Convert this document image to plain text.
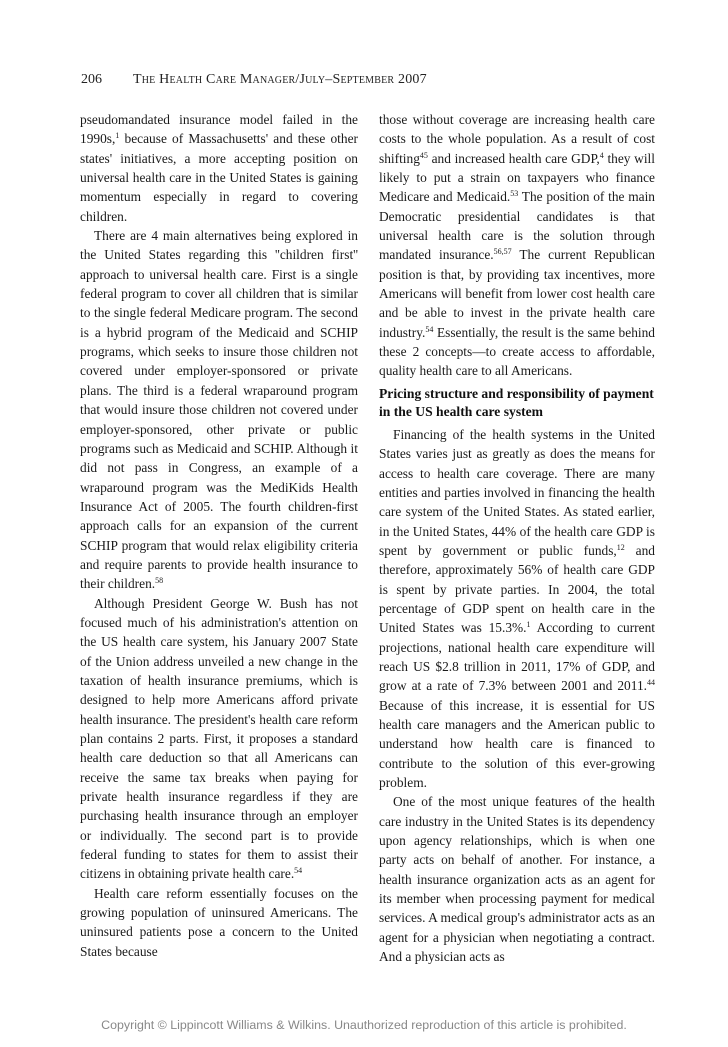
206 The Health Care Manager/July–September 2007

pseudomandated insurance model failed in the 1990s,$^1$ because of Massachusetts' and these other states' initiatives, a more accepting position on universal health care in the United States is gaining momentum especially in regard to covering children.

There are 4 main alternatives being explored in the United States regarding this ''children first'' approach to universal health care. First is a single federal program to cover all children that is similar to the single federal Medicare program. The second is a hybrid program of the Medicaid and SCHIP programs, which seeks to insure those children not covered under employer-sponsored or private plans. The third is a federal wraparound program that would insure those children not covered under employer-sponsored, other private or public programs such as Medicaid and SCHIP. Although it did not pass in Congress, an example of a wraparound program was the MediKids Health Insurance Act of 2005. The fourth children-first approach calls for an expansion of the current SCHIP program that would relax eligibility criteria and require parents to provide health insurance to their children.$^{58}$

Although President George W. Bush has not focused much of his administration's attention on the US health care system, his January 2007 State of the Union address unveiled a new change in the taxation of health insurance premiums, which is designed to help more Americans afford private health insurance. The president's health care reform plan contains 2 parts. First, it proposes a standard health care deduction so that all Americans can receive the same tax breaks when paying for private health insurance regardless if they are purchasing health insurance through an employer or individually. The second part is to provide federal funding to states for them to assist their citizens in obtaining private health care.$^{54}$

Health care reform essentially focuses on the growing population of uninsured Americans. The uninsured patients pose a concern to the United States because

those without coverage are increasing health care costs to the whole population. As a result of cost shifting$^{45}$ and increased health care GDP,$^4$ they will likely to put a strain on taxpayers who finance Medicare and Medicaid.$^{53}$ The position of the main Democratic presidential candidates is that universal health care is the solution through mandated insurance.$^{56,57}$ The current Republican position is that, by providing tax incentives, more Americans will benefit from lower cost health care and be able to invest in the private health care industry.$^{54}$ Essentially, the result is the same behind these 2 concepts—to create access to affordable, quality health care to all Americans.

Pricing structure and responsibility of payment in the US health care system

Financing of the health systems in the United States varies just as greatly as does the means for access to health care coverage. There are many entities and parties involved in financing the health care system of the United States. As stated earlier, in the United States, 44% of the health care GDP is spent by government or public funds,$^{12}$ and therefore, approximately 56% of health care GDP is spent by private parties. In 2004, the total percentage of GDP spent on health care in the United States was 15.3%.$^1$ According to current projections, national health care expenditure will reach US $2.8 trillion in 2011, 17% of GDP, and grow at a rate of 7.3% between 2001 and 2011.44 Because of this increase, it is essential for US health care managers and the American public to understand how health care is financed to contribute to the solution of this ever-growing problem.

One of the most unique features of the health care industry in the United States is its dependency upon agency relationships, which is when one party acts on behalf of another. For instance, a health insurance organization acts as an agent for its member when processing payment for medical services. A medical group's administrator acts as an agent for a physician when negotiating a contract. And a physician acts as

Copyright © Lippincott Williams & Wilkins. Unauthorized reproduction of this article is prohibited.
